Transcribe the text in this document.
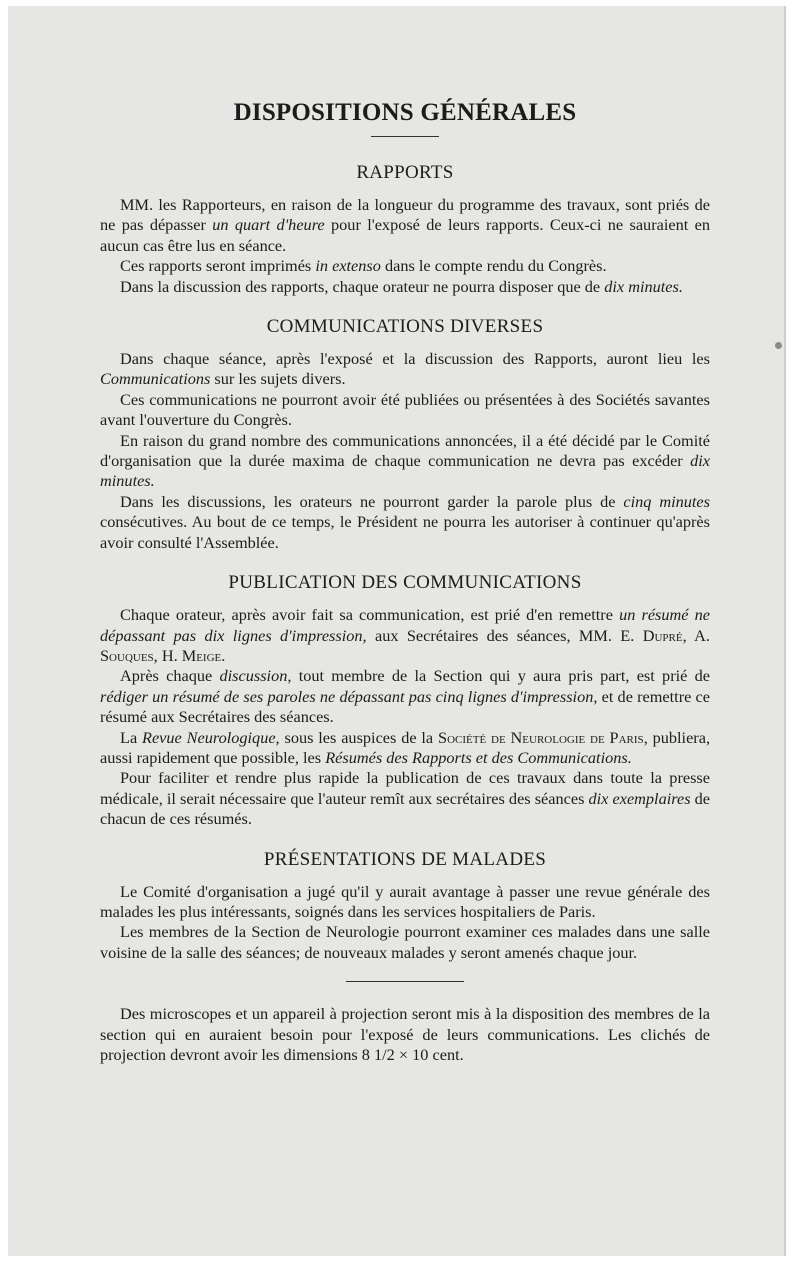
DISPOSITIONS GÉNÉRALES
RAPPORTS

MM. les Rapporteurs, en raison de la longueur du programme des travaux, sont priés de ne pas dépasser un quart d'heure pour l'exposé de leurs rapports. Ceux-ci ne sauraient en aucun cas être lus en séance.

Ces rapports seront imprimés in extenso dans le compte rendu du Congrès.

Dans la discussion des rapports, chaque orateur ne pourra disposer que de dix minutes.

COMMUNICATIONS DIVERSES

Dans chaque séance, après l'exposé et la discussion des Rapports, auront lieu les Communications sur les sujets divers.

Ces communications ne pourront avoir été publiées ou présentées à des Sociétés savantes avant l'ouverture du Congrès.

En raison du grand nombre des communications annoncées, il a été décidé par le Comité d'organisation que la durée maxima de chaque communication ne devra pas excéder dix minutes.

Dans les discussions, les orateurs ne pourront garder la parole plus de cinq minutes consécutives. Au bout de ce temps, le Président ne pourra les autoriser à continuer qu'après avoir consulté l'Assemblée.

PUBLICATION DES COMMUNICATIONS

Chaque orateur, après avoir fait sa communication, est prié d'en remettre un résumé ne dépassant pas dix lignes d'impression, aux Secrétaires des séances, MM. E. Dupré, A. Souques, H. Meige.

Après chaque discussion, tout membre de la Section qui y aura pris part, est prié de rédiger un résumé de ses paroles ne dépassant pas cinq lignes d'impression, et de remettre ce résumé aux Secrétaires des séances.

La Revue Neurologique, sous les auspices de la Société de Neurologie de Paris, publiera, aussi rapidement que possible, les Résumés des Rapports et des Communications.

Pour faciliter et rendre plus rapide la publication de ces travaux dans toute la presse médicale, il serait nécessaire que l'auteur remît aux secrétaires des séances dix exemplaires de chacun de ces résumés.

PRÉSENTATIONS DE MALADES

Le Comité d'organisation a jugé qu'il y aurait avantage à passer une revue générale des malades les plus intéressants, soignés dans les services hospitaliers de Paris.

Les membres de la Section de Neurologie pourront examiner ces malades dans une salle voisine de la salle des séances; de nouveaux malades y seront amenés chaque jour.

Des microscopes et un appareil à projection seront mis à la disposition des membres de la section qui en auraient besoin pour l'exposé de leurs communications. Les clichés de projection devront avoir les dimensions 8 1/2 × 10 cent.
